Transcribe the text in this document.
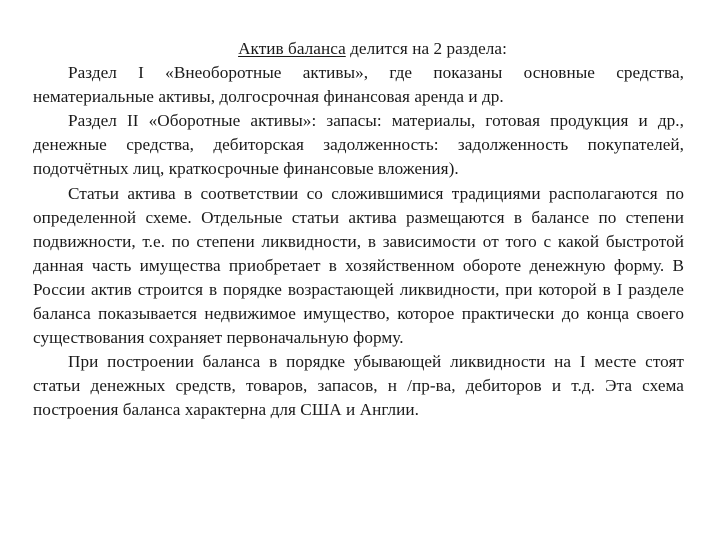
Актив баланса делится на 2 раздела:

Раздел I «Внеоборотные активы», где показаны основные средства, нематериальные активы, долгосрочная финансовая аренда и др.

Раздел II «Оборотные активы»: запасы: материалы, готовая продукция и др., денежные средства, дебиторская задолженность: задолженность покупателей, подотчётных лиц, краткосрочные финансовые вложения).

Статьи актива в соответствии со сложившимися традициями располагаются по определенной схеме. Отдельные статьи актива размещаются в балансе по степени подвижности, т.е. по степени ликвидности, в зависимости от того с какой быстротой данная часть имущества приобретает в хозяйственном обороте денежную форму. В России актив строится в порядке возрастающей ликвидности, при которой в I разделе баланса показывается недвижимое имущество, которое практически до конца своего существования сохраняет первоначальную форму.

При построении баланса в порядке убывающей ликвидности на I месте стоят статьи денежных средств, товаров, запасов, н /пр-ва, дебиторов и т.д. Эта схема построения баланса характерна для США и Англии.
